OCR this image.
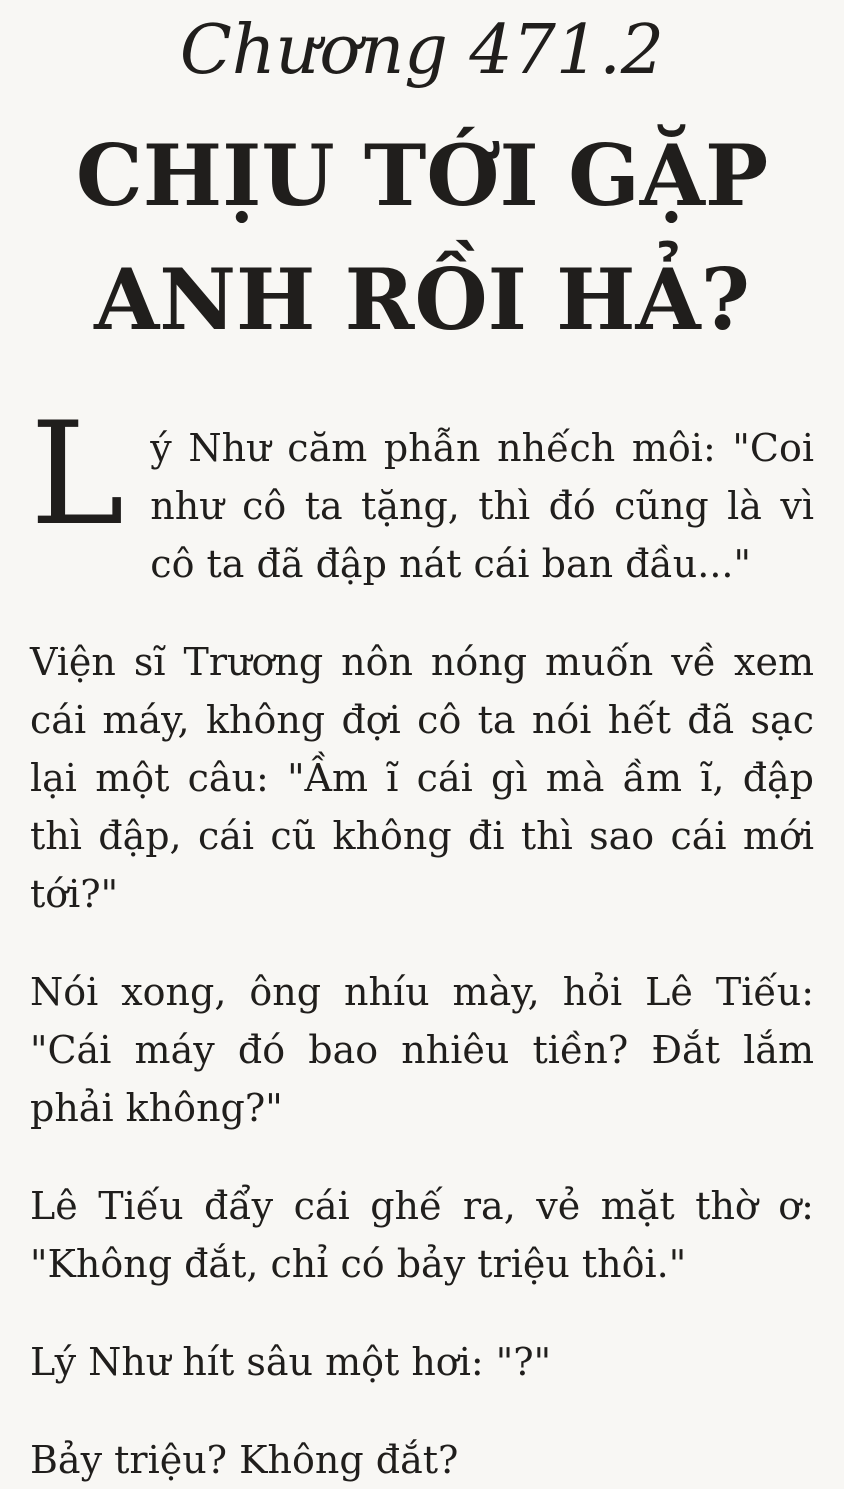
Chương 471.2
CHỊU TỚI GẶP
ANH RỒI HẢ?

Lý Như căm phẫn nhếch môi: "Coi như cô ta tặng, thì đó cũng là vì cô ta đã đập nát cái ban đầu..."

Viện sĩ Trương nôn nóng muốn về xem cái máy, không đợi cô ta nói hết đã sạc lại một câu: "Ầm ĩ cái gì mà ầm ĩ, đập thì đập, cái cũ không đi thì sao cái mới tới?"

Nói xong, ông nhíu mày, hỏi Lê Tiếu: "Cái máy đó bao nhiêu tiền? Đắt lắm phải không?"

Lê Tiếu đẩy cái ghế ra, vẻ mặt thờ ơ: "Không đắt, chỉ có bảy triệu thôi."

Lý Như hít sâu một hơi: "?"

Bảy triệu? Không đắt?
